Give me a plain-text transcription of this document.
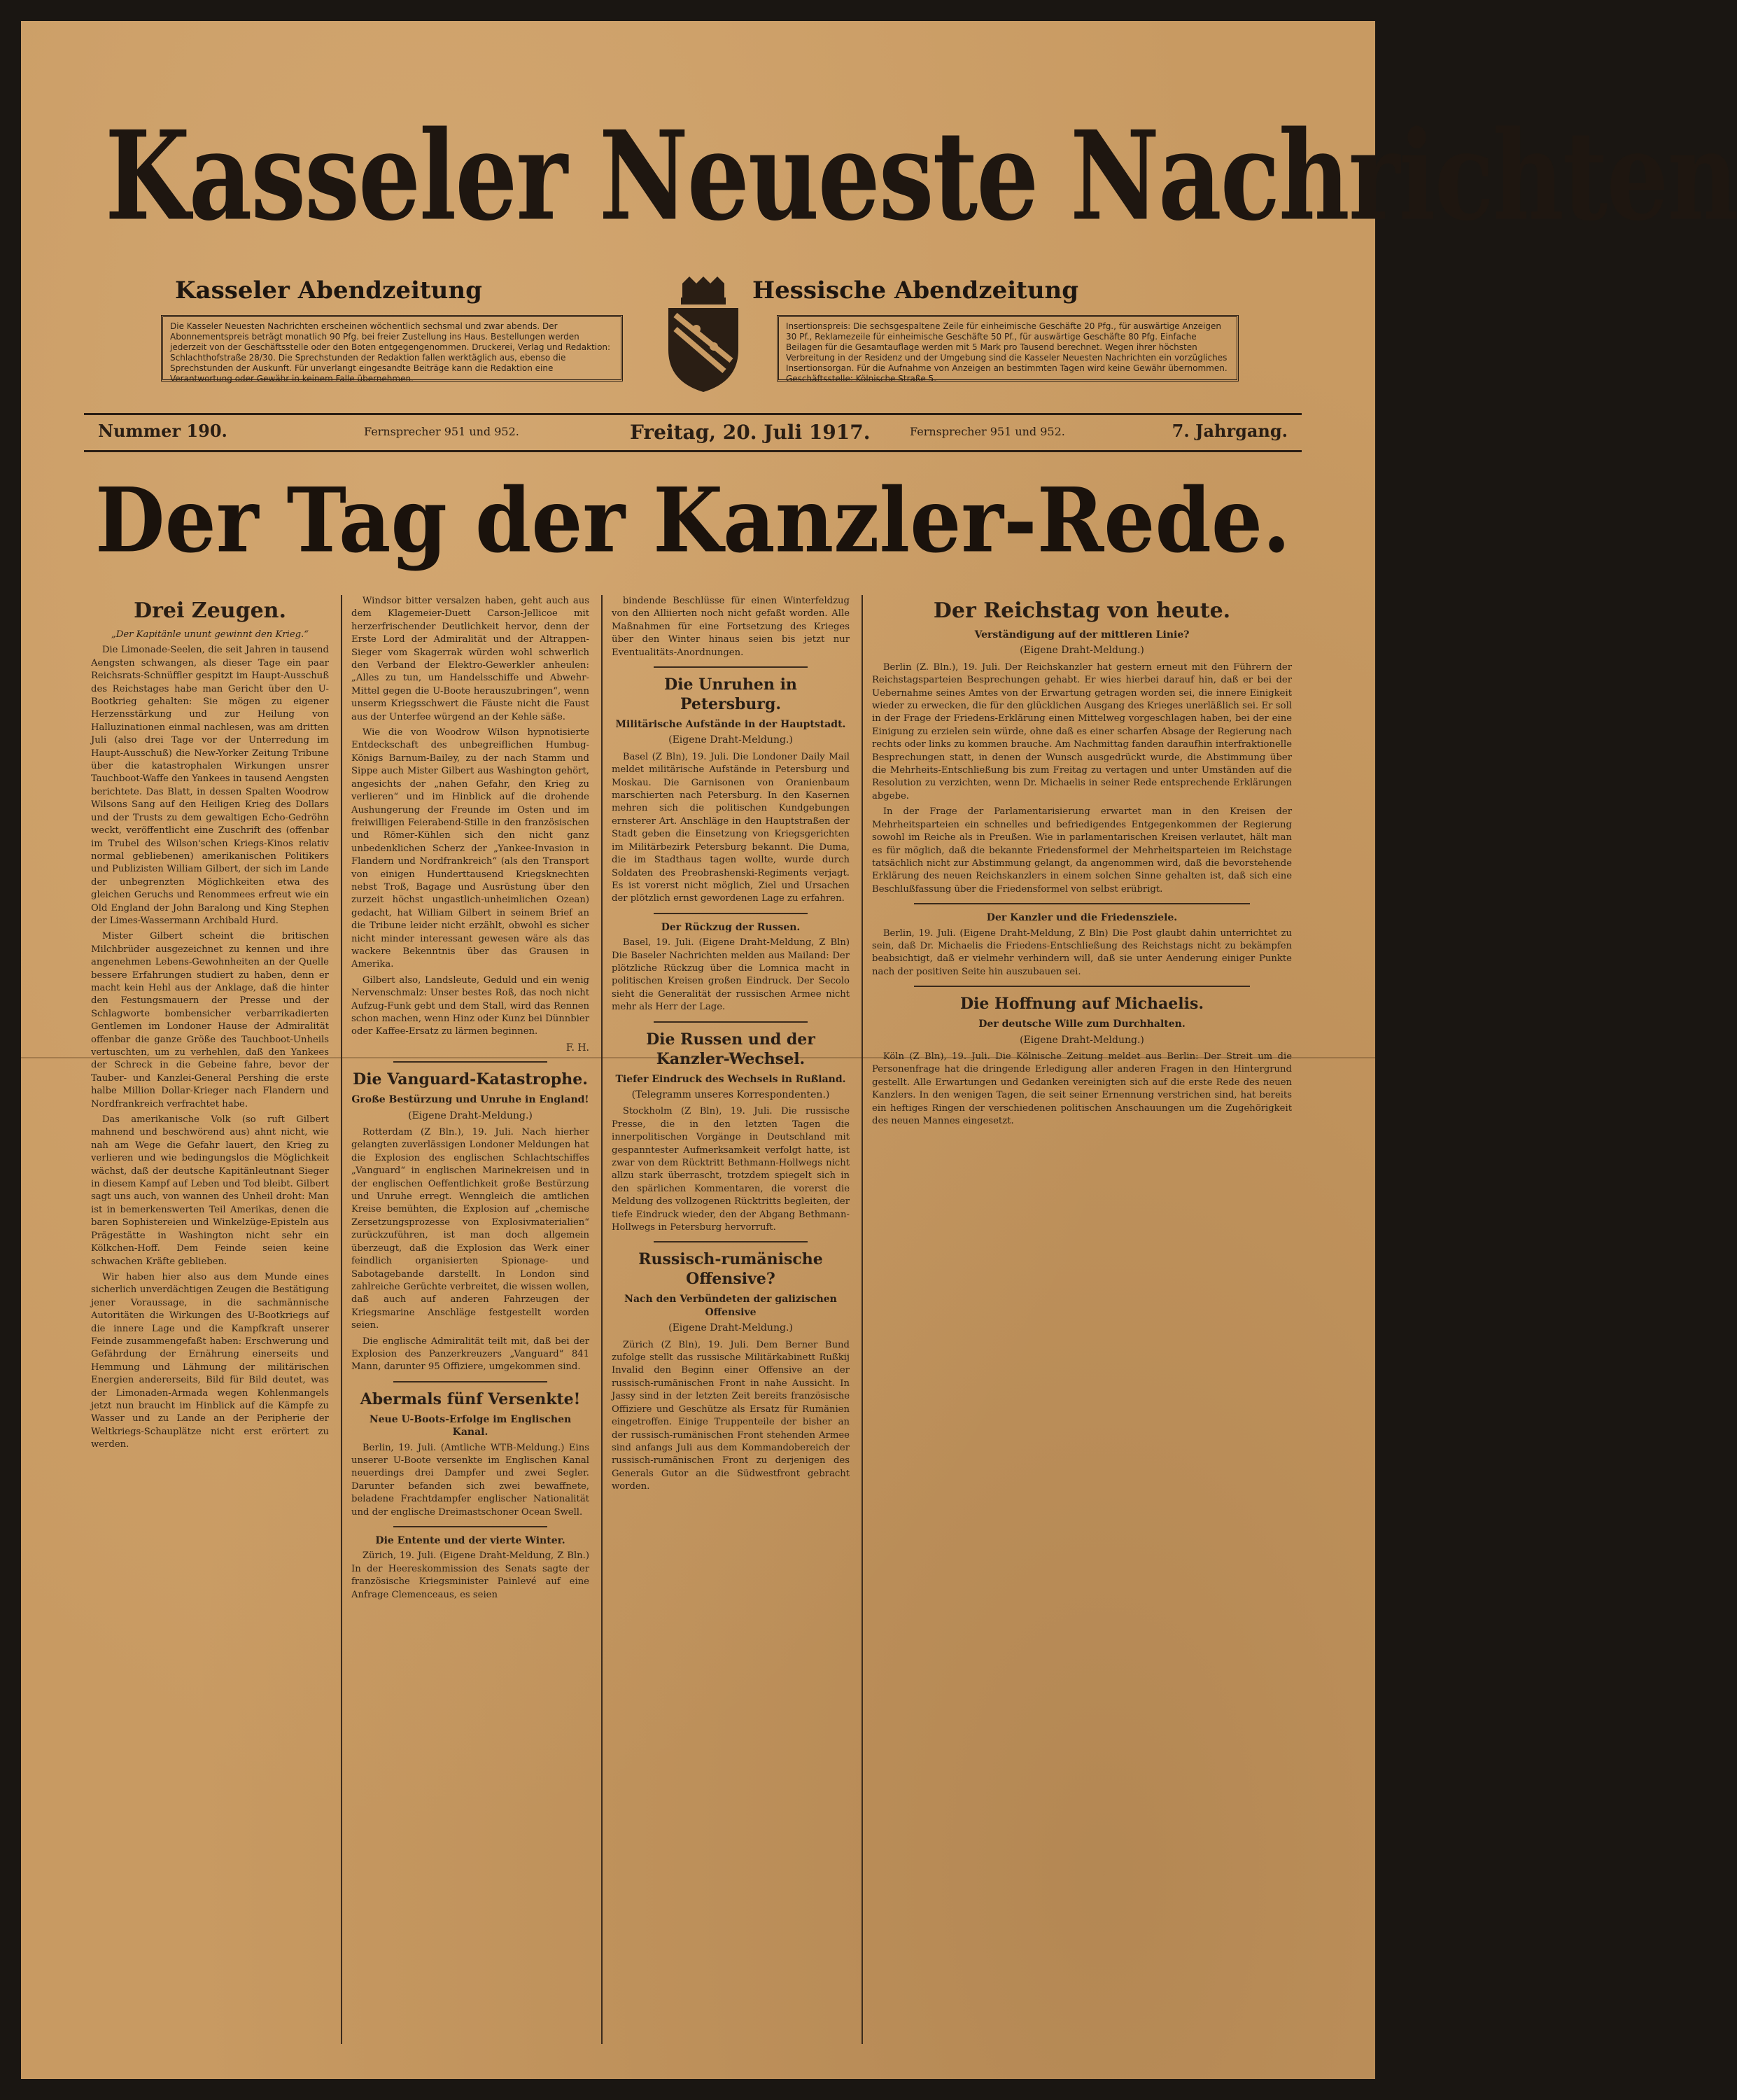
Kasseler Neueste Nachrichten
Kasseler Abendzeitung	Hessische Abendzeitung
Die Kasseler Neuesten Nachrichten erscheinen wöchentlich sechsmal und zwar abends. Der Abonnementspreis beträgt monatlich 90 Pfg. bei freier Zustellung ins Haus. Bestellungen werden jederzeit von der Geschäftsstelle oder den Boten entgegengenommen. Druckerei, Verlag und Redaktion: Schlachthofstraße 28/30. Die Sprechstunden der Redaktion fallen werktäglich aus, ebenso die Sprechstunden der Auskunft. Für unverlangt eingesandte Beiträge kann die Redaktion eine Verantwortung oder Gewähr in keinem Falle übernehmen.
Insertionspreis: Die sechsgespaltene Zeile für einheimische Geschäfte 20 Pfg., für auswärtige Anzeigen 30 Pf., Reklamezeile für einheimische Geschäfte 50 Pf., für auswärtige Geschäfte 80 Pfg. Einfache Beilagen für die Gesamtauflage werden mit 5 Mark pro Tausend berechnet. Wegen ihrer höchsten Verbreitung in der Residenz und der Umgebung sind die Kasseler Neuesten Nachrichten ein vorzügliches Insertionsorgan. Für die Aufnahme von Anzeigen an bestimmten Tagen wird keine Gewähr übernommen. Geschäftsstelle: Kölnische Straße 5.
Nummer 190.	Fernsprecher 951 und 952.	Freitag, 20. Juli 1917.	Fernsprecher 951 und 952.	7. Jahrgang.
Der Tag der Kanzler-Rede.
Drei Zeugen.

„Der Kapitänle ununt gewinnt den Krieg.“

Die Limonade-Seelen, die seit Jahren in tausend Aengsten schwangen, als dieser Tage ein paar Reichsrats-Schnüffler gespitzt im Haupt-Ausschuß des Reichstages habe man Gericht über den U-Bootkrieg gehalten: Sie mögen zu eigener Herzensstärkung und zur Heilung von Halluzinationen einmal nachlesen, was am dritten Juli (also drei Tage vor der Unterredung im Haupt-Ausschuß) die New-Yorker Zeitung Tribune über die katastrophalen Wirkungen unsrer Tauchboot-Waffe den Yankees in tausend Aengsten berichtete. Das Blatt, in dessen Spalten Woodrow Wilsons Sang auf den Heiligen Krieg des Dollars und der Trusts zu dem gewaltigen Echo-Gedröhn weckt, veröffentlicht eine Zuschrift des (offenbar im Trubel des Wilson'schen Kriegs-Kinos relativ normal gebliebenen) amerikanischen Politikers und Publizisten William Gilbert, der sich im Lande der unbegrenzten Möglichkeiten etwa des gleichen Geruchs und Renommees erfreut wie ein Old England der John Baralong und King Stephen der Limes-Wassermann Archibald Hurd.

Mister Gilbert scheint die britischen Milchbrüder ausgezeichnet zu kennen und ihre angenehmen Lebens-Gewohnheiten an der Quelle bessere Erfahrungen studiert zu haben, denn er macht kein Hehl aus der Anklage, daß die hinter den Festungsmauern der Presse und der Schlagworte bombensicher verbarrikadierten Gentlemen im Londoner Hause der Admiralität offenbar die ganze Größe des Tauchboot-Unheils vertuschten, um zu verhehlen, daß den Yankees der Schreck in die Gebeine fahre, bevor der Tauber- und Kanzlei-General Pershing die erste halbe Million Dollar-Krieger nach Flandern und Nordfrankreich verfrachtet habe.

Das amerikanische Volk (so ruft Gilbert mahnend und beschwörend aus) ahnt nicht, wie nah am Wege die Gefahr lauert, den Krieg zu verlieren und wie bedingungslos die Möglichkeit wächst, daß der deutsche Kapitänleutnant Sieger in diesem Kampf auf Leben und Tod bleibt. Gilbert sagt uns auch, von wannen des Unheil droht: Man ist in bemerkenswerten Teil Amerikas, denen die baren Sophistereien und Winkelzüge-Episteln aus Prägestätte in Washington nicht sehr ein Kölkchen-Hoff. Dem Feinde seien keine schwachen Kräfte geblieben.

Wir haben hier also aus dem Munde eines sicherlich unverdächtigen Zeugen die Bestätigung jener Voraussage, in die sachmännische Autoritäten die Wirkungen des U-Bootkriegs auf die innere Lage und die Kampfkraft unserer Feinde zusammengefaßt haben: Erschwerung und Gefährdung der Ernährung einerseits und Hemmung und Lähmung der militärischen Energien andererseits, Bild für Bild deutet, was der Limonaden-Armada wegen Kohlenmangels jetzt nun braucht im Hinblick auf die Kämpfe zu Wasser und zu Lande an der Peripherie der Weltkriegs-Schauplätze nicht erst erörtert zu werden.

Windsor bitter versalzen haben, geht auch aus dem Klagemeier-Duett Carson-Jellicoe mit herzerfrischender Deutlichkeit hervor, denn der Erste Lord der Admiralität und der Altrappen-Sieger vom Skagerrak würden wohl schwerlich den Verband der Elektro-Gewerkler anheulen: „Alles zu tun, um Handelsschiffe und Abwehr-Mittel gegen die U-Boote herauszubringen“, wenn unserm Kriegsschwert die Fäuste nicht die Faust aus der Unterfee würgend an der Kehle säße.

Wie die von Woodrow Wilson hypnotisierte Entdeckschaft des unbegreiflichen Humbug-Königs Barnum-Bailey, zu der nach Stamm und Sippe auch Mister Gilbert aus Washington gehört, angesichts der „nahen Gefahr, den Krieg zu verlieren“ und im Hinblick auf die drohende Aushungerung der Freunde im Osten und im freiwilligen Feierabend-Stille in den französischen und Römer-Kühlen sich den nicht ganz unbedenklichen Scherz der „Yankee-Invasion in Flandern und Nordfrankreich“ (als den Transport von einigen Hunderttausend Kriegsknechten nebst Troß, Bagage und Ausrüstung über den zurzeit höchst ungastlich-unheimlichen Ozean) gedacht, hat William Gilbert in seinem Brief an die Tribune leider nicht erzählt, obwohl es sicher nicht minder interessant gewesen wäre als das wackere Bekenntnis über das Grausen in Amerika.

Gilbert also, Landsleute, Geduld und ein wenig Nervenschmalz: Unser bestes Roß, das noch nicht Aufzug-Funk gebt und dem Stall, wird das Rennen schon machen, wenn Hinz oder Kunz bei Dünnbier oder Kaffee-Ersatz zu lärmen beginnen.

F. H.
Die Vanguard-Katastrophe.
Große Bestürzung und Unruhe in England!
(Eigene Draht-Meldung.)

Rotterdam (Z Bln.), 19. Juli. Nach hierher gelangten zuverlässigen Londoner Meldungen hat die Explosion des englischen Schlachtschiffes „Vanguard“ in englischen Marinekreisen und in der englischen Oeffentlichkeit große Bestürzung und Unruhe erregt. Wenngleich die amtlichen Kreise bemühten, die Explosion auf „chemische Zersetzungsprozesse von Explosivmaterialien“ zurückzuführen, ist man doch allgemein überzeugt, daß die Explosion das Werk einer feindlich organisierten Spionage- und Sabotagebande darstellt. In London sind zahlreiche Gerüchte verbreitet, die wissen wollen, daß auch auf anderen Fahrzeugen der Kriegsmarine Anschläge festgestellt worden seien.

Die englische Admiralität teilt mit, daß bei der Explosion des Panzerkreuzers „Vanguard“ 841 Mann, darunter 95 Offiziere, umgekommen sind.

Abermals fünf Versenkte!
Neue U-Boots-Erfolge im Englischen Kanal.

Berlin, 19. Juli. (Amtliche WTB-Meldung.) Eins unserer U-Boote versenkte im Englischen Kanal neuerdings drei Dampfer und zwei Segler. Darunter befanden sich zwei bewaffnete, beladene Frachtdampfer englischer Nationalität und der englische Dreimastschoner Ocean Swell.

Die Entente und der vierte Winter.

Zürich, 19. Juli. (Eigene Draht-Meldung, Z Bln.) In der Heereskommission des Senats sagte der französische Kriegsminister Painlevé auf eine Anfrage Clemenceaus, es seien

bindende Beschlüsse für einen Winterfeldzug von den Alliierten noch nicht gefaßt worden. Alle Maßnahmen für eine Fortsetzung des Krieges über den Winter hinaus seien bis jetzt nur Eventualitäts-Anordnungen.

Die Unruhen in Petersburg.
Militärische Aufstände in der Hauptstadt.
(Eigene Draht-Meldung.)

Basel (Z Bln), 19. Juli. Die Londoner Daily Mail meldet militärische Aufstände in Petersburg und Moskau. Die Garnisonen von Oranienbaum marschierten nach Petersburg. In den Kasernen mehren sich die politischen Kundgebungen ernsterer Art. Anschläge in den Hauptstraßen der Stadt geben die Einsetzung von Kriegsgerichten im Militärbezirk Petersburg bekannt. Die Duma, die im Stadthaus tagen wollte, wurde durch Soldaten des Preobrashenski-Regiments verjagt. Es ist vorerst nicht möglich, Ziel und Ursachen der plötzlich ernst gewordenen Lage zu erfahren.

Der Rückzug der Russen.

Basel, 19. Juli. (Eigene Draht-Meldung, Z Bln) Die Baseler Nachrichten melden aus Mailand: Der plötzliche Rückzug über die Lomnica macht in politischen Kreisen großen Eindruck. Der Secolo sieht die Generalität der russischen Armee nicht mehr als Herr der Lage.

Die Russen und der Kanzler-Wechsel.
Tiefer Eindruck des Wechsels in Rußland.
(Telegramm unseres Korrespondenten.)

Stockholm (Z Bln), 19. Juli. Die russische Presse, die in den letzten Tagen die innerpolitischen Vorgänge in Deutschland mit gespanntester Aufmerksamkeit verfolgt hatte, ist zwar von dem Rücktritt Bethmann-Hollwegs nicht allzu stark überrascht, trotzdem spiegelt sich in den spärlichen Kommentaren, die vorerst die Meldung des vollzogenen Rücktritts begleiten, der tiefe Eindruck wieder, den der Abgang Bethmann-Hollwegs in Petersburg hervorruft.

Russisch-rumänische Offensive?
Nach den Verbündeten der galizischen Offensive
(Eigene Draht-Meldung.)

Zürich (Z Bln), 19. Juli. Dem Berner Bund zufolge stellt das russische Militärkabinett Rußkij Invalid den Beginn einer Offensive an der russisch-rumänischen Front in nahe Aussicht. In Jassy sind in der letzten Zeit bereits französische Offiziere und Geschütze als Ersatz für Rumänien eingetroffen. Einige Truppenteile der bisher an der russisch-rumänischen Front stehenden Armee sind anfangs Juli aus dem Kommandobereich der russisch-rumänischen Front zu derjenigen des Generals Gutor an die Südwestfront gebracht worden.

Der Reichstag von heute.
Verständigung auf der mittleren Linie?
(Eigene Draht-Meldung.)

Berlin (Z. Bln.), 19. Juli. Der Reichskanzler hat gestern erneut mit den Führern der Reichstagsparteien Besprechungen gehabt. Er wies hierbei darauf hin, daß er bei der Uebernahme seines Amtes von der Erwartung getragen worden sei, die innere Einigkeit wieder zu erwecken, die für den glücklichen Ausgang des Krieges unerläßlich sei. Er soll in der Frage der Friedens-Erklärung einen Mittelweg vorgeschlagen haben, bei der eine Einigung zu erzielen sein würde, ohne daß es einer scharfen Absage der Regierung nach rechts oder links zu kommen brauche. Am Nachmittag fanden daraufhin interfraktionelle Besprechungen statt, in denen der Wunsch ausgedrückt wurde, die Abstimmung über die Mehrheits-Entschließung bis zum Freitag zu vertagen und unter Umständen auf die Resolution zu verzichten, wenn Dr. Michaelis in seiner Rede entsprechende Erklärungen abgebe.

In der Frage der Parlamentarisierung erwartet man in den Kreisen der Mehrheitsparteien ein schnelles und befriedigendes Entgegenkommen der Regierung sowohl im Reiche als in Preußen. Wie in parlamentarischen Kreisen verlautet, hält man es für möglich, daß die bekannte Friedensformel der Mehrheitsparteien im Reichstage tatsächlich nicht zur Abstimmung gelangt, da angenommen wird, daß die bevorstehende Erklärung des neuen Reichskanzlers in einem solchen Sinne gehalten ist, daß sich eine Beschlußfassung über die Friedensformel von selbst erübrigt.

Der Kanzler und die Friedensziele.

Berlin, 19. Juli. (Eigene Draht-Meldung, Z Bln) Die Post glaubt dahin unterrichtet zu sein, daß Dr. Michaelis die Friedens-Entschließung des Reichstags nicht zu bekämpfen beabsichtigt, daß er vielmehr verhindern will, daß sie unter Aenderung einiger Punkte nach der positiven Seite hin auszubauen sei.

Die Hoffnung auf Michaelis.
Der deutsche Wille zum Durchhalten.
(Eigene Draht-Meldung.)

Köln (Z Bln), 19. Juli. Die Kölnische Zeitung meldet aus Berlin: Der Streit um die Personenfrage hat die dringende Erledigung aller anderen Fragen in den Hintergrund gestellt. Alle Erwartungen und Gedanken vereinigten sich auf die erste Rede des neuen Kanzlers. In den wenigen Tagen, die seit seiner Ernennung verstrichen sind, hat bereits ein heftiges Ringen der verschiedenen politischen Anschauungen um die Zugehörigkeit des neuen Mannes eingesetzt.
